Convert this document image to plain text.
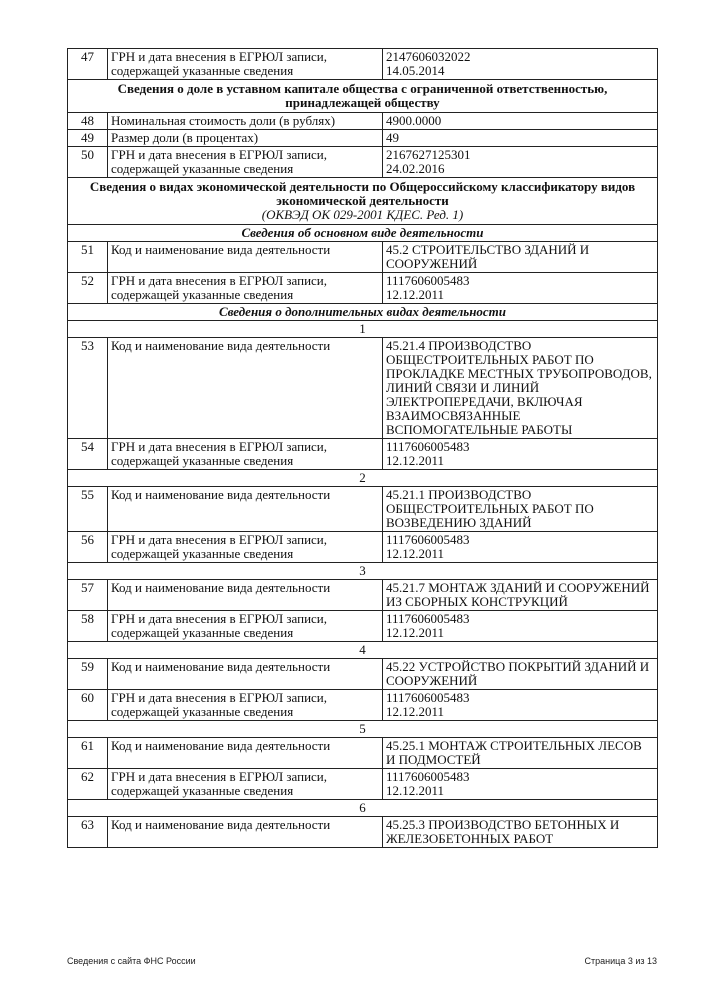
47	ГРН и дата внесения в ЕГРЮЛ записи, содержащей указанные сведения	2147606032022
14.05.2014

Сведения о доле в уставном капитале общества с ограниченной ответственностью, принадлежащей обществу		
48	Номинальная стоимость доли (в рублях)	4900.0000
49	Размер доли (в процентах)	49
50	ГРН и дата внесения в ЕГРЮЛ записи, содержащей указанные сведения	2167627125301
24.02.2016

Сведения о видах экономической деятельности по Общероссийскому классификатору видов экономической деятельности
(ОКВЭД ОК 029-2001 КДЕС. Ред. 1)		

Сведения об основном виде деятельности		
51	Код и наименование вида деятельности	45.2 СТРОИТЕЛЬСТВО ЗДАНИЙ И СООРУЖЕНИЙ
52	ГРН и дата внесения в ЕГРЮЛ записи, содержащей указанные сведения	1117606005483
12.12.2011

Сведения о дополнительных видах деятельности		
1		
53	Код и наименование вида деятельности	45.21.4 ПРОИЗВОДСТВО ОБЩЕСТРОИТЕЛЬНЫХ РАБОТ ПО ПРОКЛАДКЕ МЕСТНЫХ ТРУБОПРОВОДОВ, ЛИНИЙ СВЯЗИ И ЛИНИЙ ЭЛЕКТРОПЕРЕДАЧИ, ВКЛЮЧАЯ ВЗАИМОСВЯЗАННЫЕ ВСПОМОГАТЕЛЬНЫЕ РАБОТЫ
54	ГРН и дата внесения в ЕГРЮЛ записи, содержащей указанные сведения	1117606005483
12.12.2011

2		
55	Код и наименование вида деятельности	45.21.1 ПРОИЗВОДСТВО ОБЩЕСТРОИТЕЛЬНЫХ РАБОТ ПО ВОЗВЕДЕНИЮ ЗДАНИЙ
56	ГРН и дата внесения в ЕГРЮЛ записи, содержащей указанные сведения	1117606005483
12.12.2011

3		
57	Код и наименование вида деятельности	45.21.7 МОНТАЖ ЗДАНИЙ И СООРУЖЕНИЙ ИЗ СБОРНЫХ КОНСТРУКЦИЙ
58	ГРН и дата внесения в ЕГРЮЛ записи, содержащей указанные сведения	1117606005483
12.12.2011

4		
59	Код и наименование вида деятельности	45.22 УСТРОЙСТВО ПОКРЫТИЙ ЗДАНИЙ И СООРУЖЕНИЙ
60	ГРН и дата внесения в ЕГРЮЛ записи, содержащей указанные сведения	1117606005483
12.12.2011

5		
61	Код и наименование вида деятельности	45.25.1 МОНТАЖ СТРОИТЕЛЬНЫХ ЛЕСОВ И ПОДМОСТЕЙ
62	ГРН и дата внесения в ЕГРЮЛ записи, содержащей указанные сведения	1117606005483
12.12.2011

6		
63	Код и наименование вида деятельности	45.25.3 ПРОИЗВОДСТВО БЕТОННЫХ И ЖЕЛЕЗОБЕТОННЫХ РАБОТ
Сведения с сайта ФНС России	Страница 3 из 13
